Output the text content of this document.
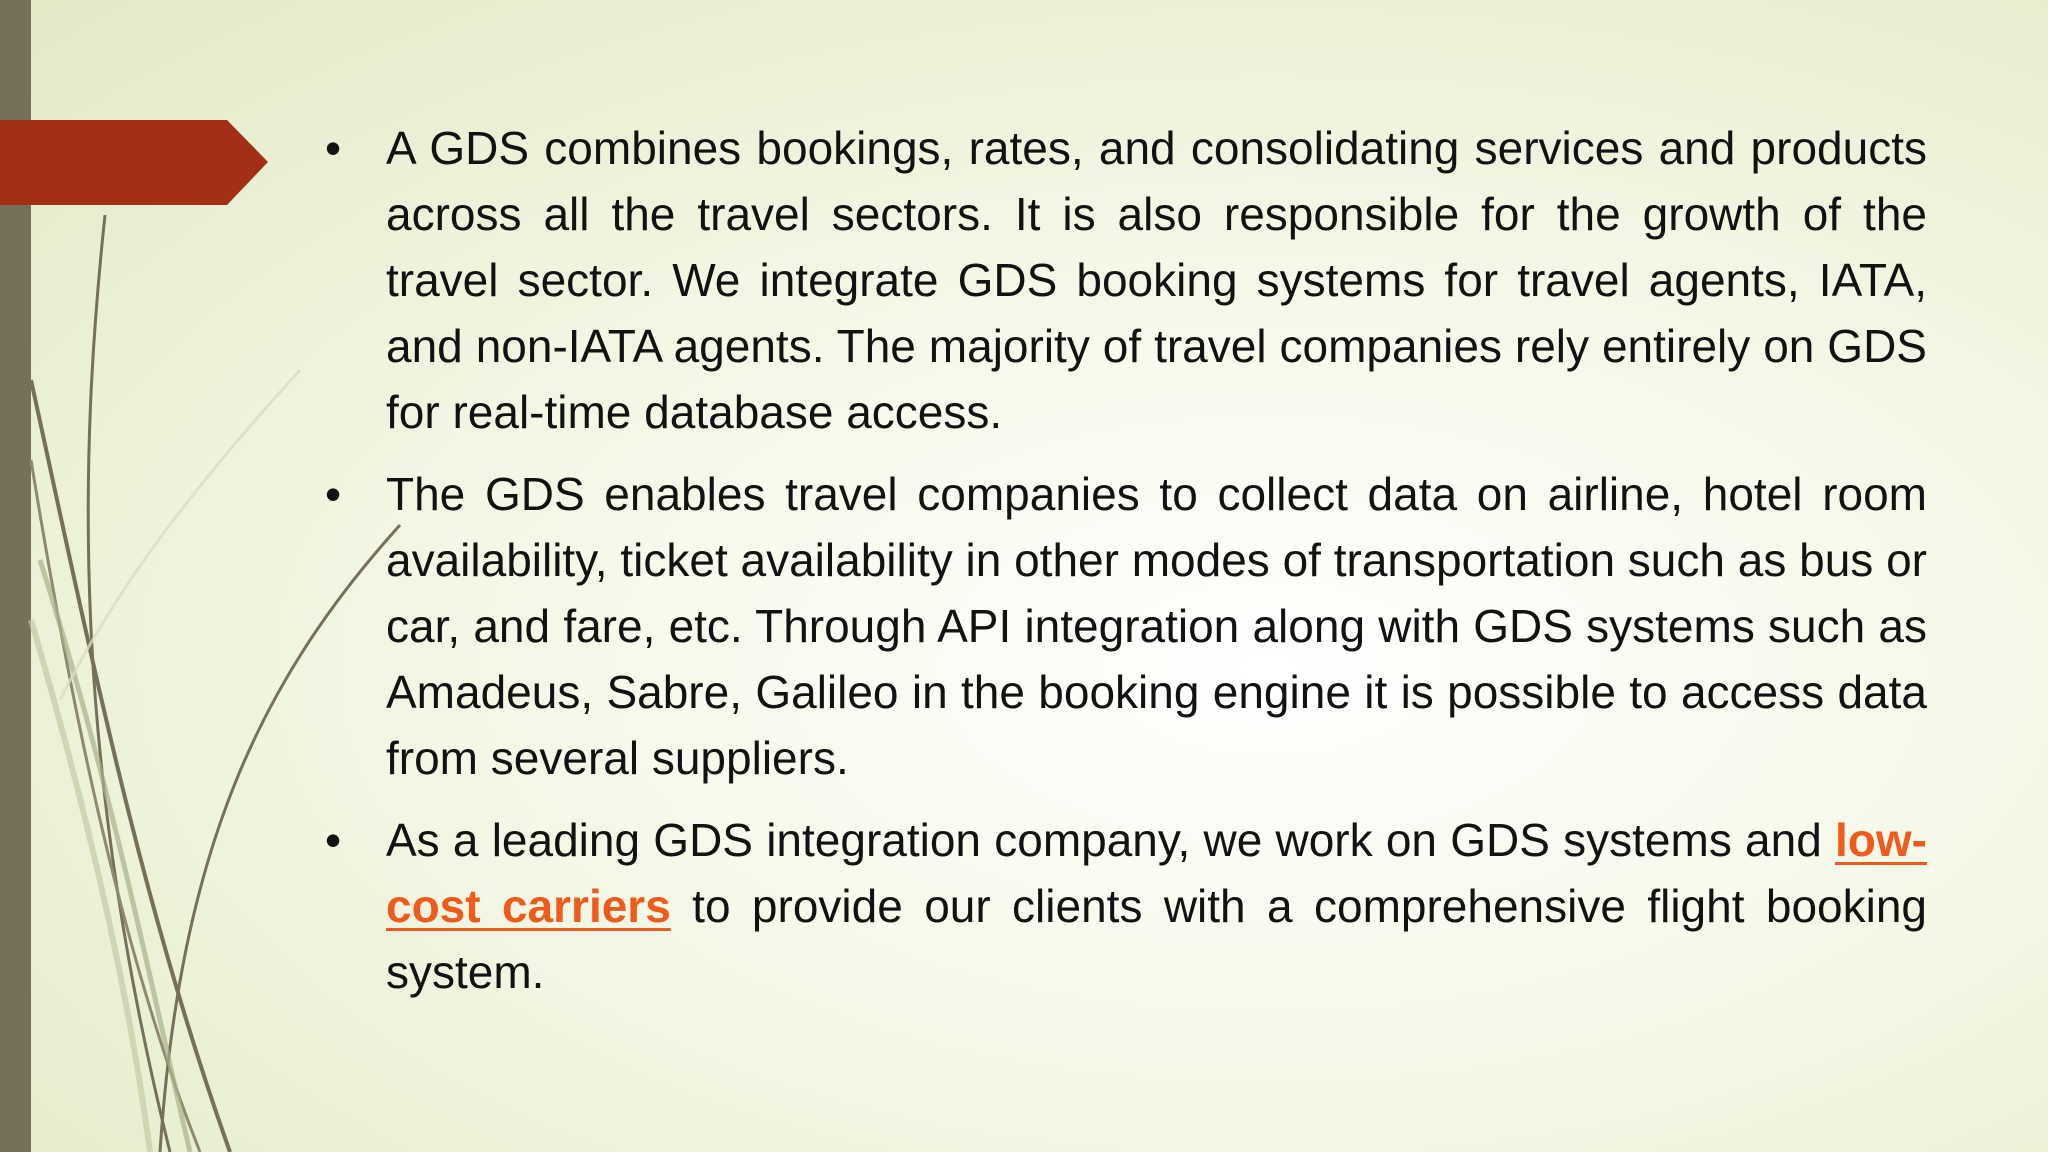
• A GDS combines bookings, rates, and consolidating services and products across all the travel sectors. It is also responsible for the growth of the travel sector. We integrate GDS booking systems for travel agents, IATA, and non-IATA agents. The majority of travel companies rely entirely on GDS for real-time database access.

• The GDS enables travel companies to collect data on airline, hotel room availability, ticket availability in other modes of transportation such as bus or car, and fare, etc. Through API integration along with GDS systems such as Amadeus, Sabre, Galileo in the booking engine it is possible to access data from several suppliers.

• As a leading GDS integration company, we work on GDS systems and low-cost carriers to provide our clients with a comprehensive flight booking system.
